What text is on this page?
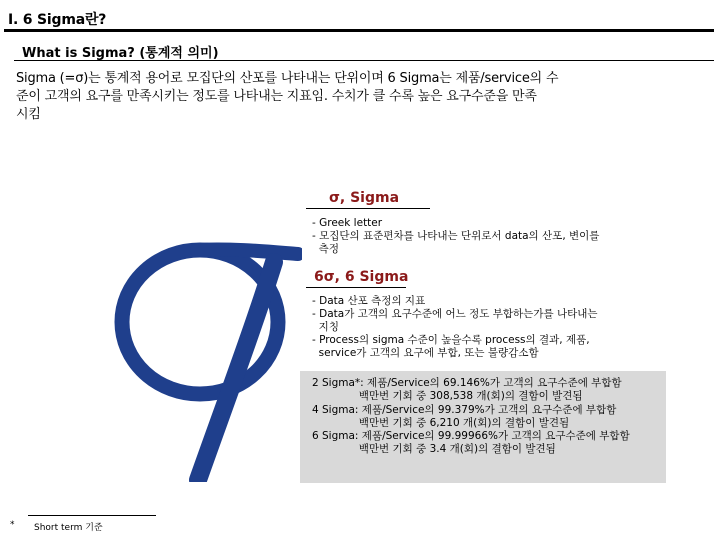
Ⅰ. 6 Sigma란?
What is Sigma? (통계적 의미)
Sigma (=σ)는 통계적 용어로 모집단의 산포를 나타내는 단위이며 6 Sigma는 제품/service의 수
준이 고객의 요구를 만족시키는 정도를 나타내는 지표임. 수치가 클 수록 높은 요구수준을 만족
시킴
σ, Sigma
- Greek letter
- 모집단의 표준편차를 나타내는 단위로서 data의 산포, 변이를
측정
6σ, 6 Sigma
- Data 산포 측정의 지표
- Data가 고객의 요구수준에 어느 정도 부합하는가를 나타내는
지칭
- Process의 sigma 수준이 높을수록 process의 결과, 제품,
service가 고객의 요구에 부합, 또는 불량감소함
2 Sigma*: 제품/Service의 69.146%가 고객의 요구수준에 부합함
백만번 기회 중 308,538 개(회)의 결함이 발견됨
4 Sigma: 제품/Service의 99.379%가 고객의 요구수준에 부합함
백만번 기회 중 6,210 개(회)의 결함이 발견됨
6 Sigma: 제품/Service의 99.99966%가 고객의 요구수준에 부합함
백만번 기회 중 3.4 개(회)의 결함이 발견됨
* Short term 기준
